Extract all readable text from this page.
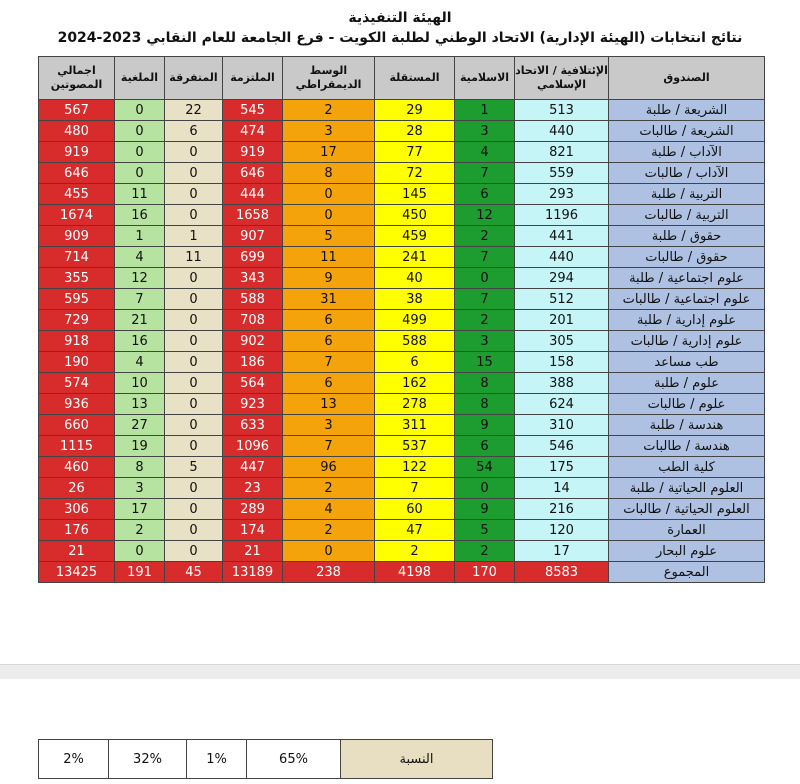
الهيئة التنفيذية
نتائج انتخابات (الهيئة الإدارية) الاتحاد الوطني لطلبة الكويت - فرع الجامعة للعام النقابي 2023-2024
الصندوق	الإئتلافية / الاتحاد الإسلامي	الاسلامية	المستقلة	الوسط الديمقراطي	الملتزمة	المتفرقة	الملغية	اجمالي المصوتين
الشريعة / طلبة	513	1	29	2	545	22	0	567
الشريعة / طالبات	440	3	28	3	474	6	0	480
الآداب / طلبة	821	4	77	17	919	0	0	919
الآداب / طالبات	559	7	72	8	646	0	0	646
التربية / طلبة	293	6	145	0	444	0	11	455
التربية / طالبات	1196	12	450	0	1658	0	16	1674
حقوق / طلبة	441	2	459	5	907	1	1	909
حقوق / طالبات	440	7	241	11	699	11	4	714
علوم اجتماعية / طلبة	294	0	40	9	343	0	12	355
علوم اجتماعية / طالبات	512	7	38	31	588	0	7	595
علوم إدارية / طلبة	201	2	499	6	708	0	21	729
علوم إدارية / طالبات	305	3	588	6	902	0	16	918
طب مساعد	158	15	6	7	186	0	4	190
علوم / طلبة	388	8	162	6	564	0	10	574
علوم / طالبات	624	8	278	13	923	0	13	936
هندسة / طلبة	310	9	311	3	633	0	27	660
هندسة / طالبات	546	6	537	7	1096	0	19	1115
كلية الطب	175	54	122	96	447	5	8	460
العلوم الحياتية / طلبة	14	0	7	2	23	0	3	26
العلوم الحياتية / طالبات	216	9	60	4	289	0	17	306
العمارة	120	5	47	2	174	0	2	176
علوم البحار	17	2	2	0	21	0	0	21
المجموع	8583	170	4198	238	13189	45	191	13425
النسبة	65%	1%	32%	2%
